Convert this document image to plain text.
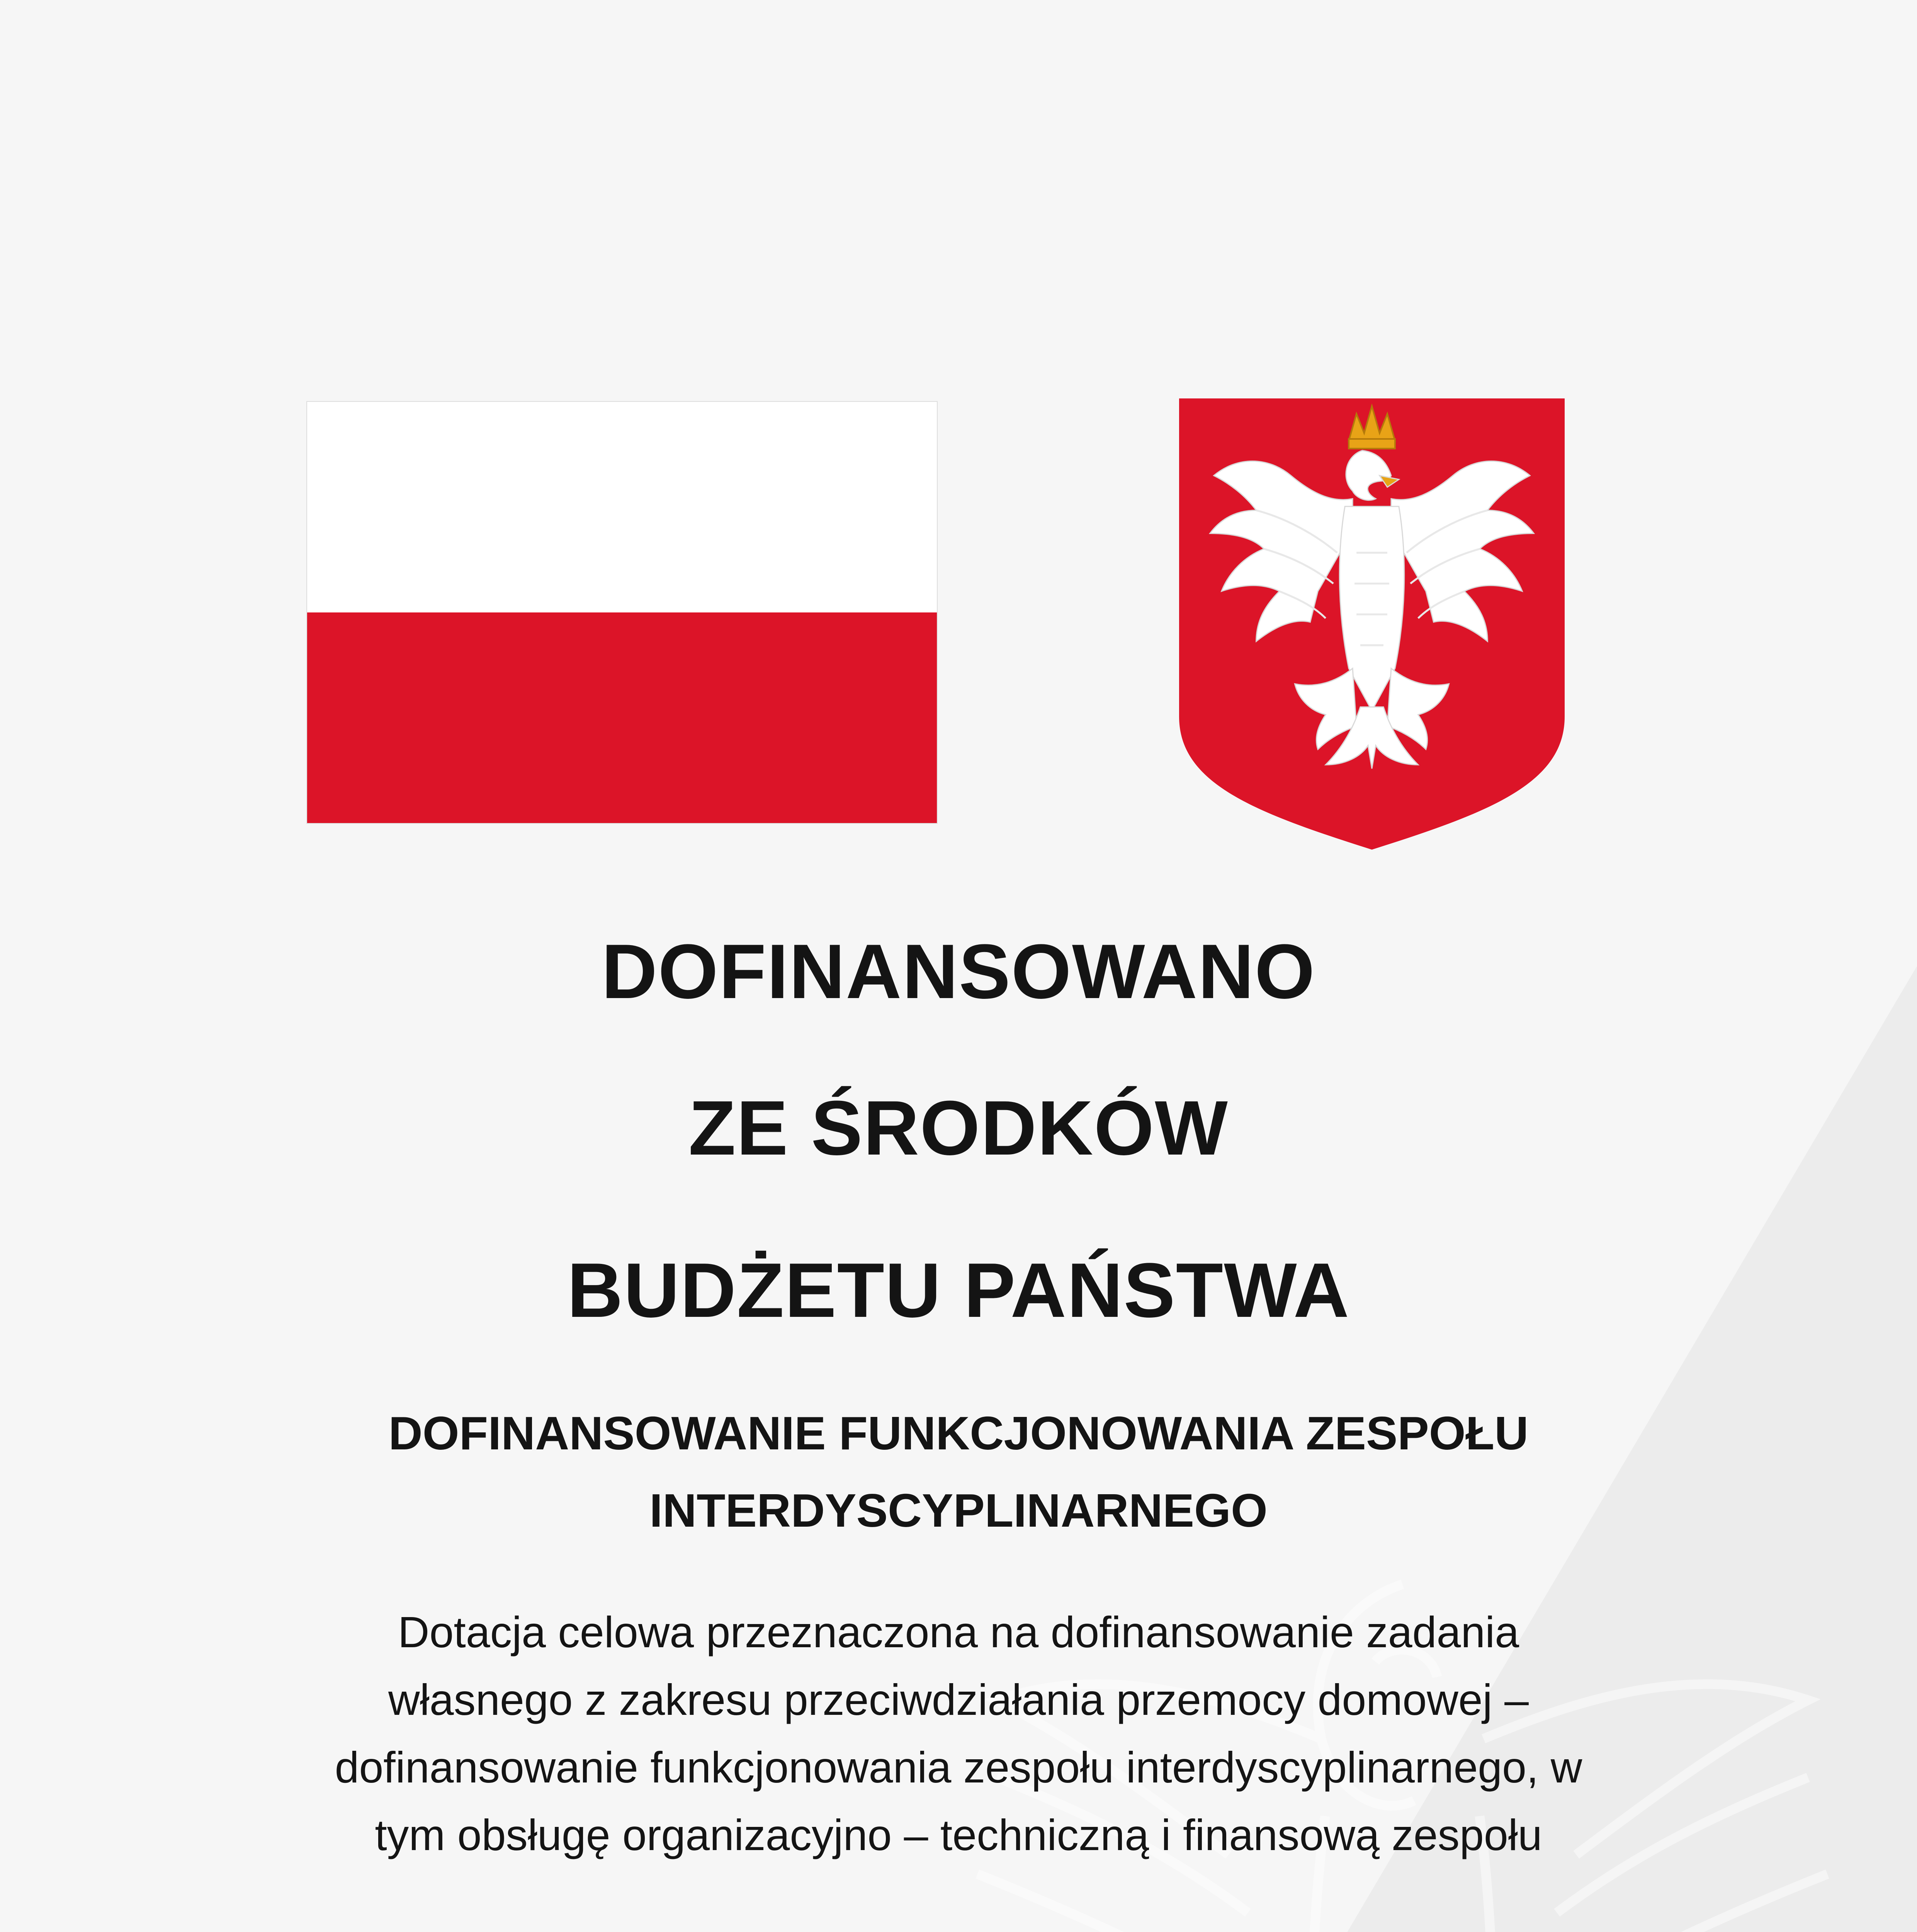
DOFINANSOWANO
ZE ŚRODKÓW
BUDŻETU PAŃSTWA
DOFINANSOWANIE FUNKCJONOWANIA ZESPOŁU
INTERDYSCYPLINARNEGO

Dotacja celowa przeznaczona na dofinansowanie zadania

własnego z zakresu przeciwdziałania przemocy domowej –

dofinansowanie funkcjonowania zespołu interdyscyplinarnego, w

tym obsługę organizacyjno – techniczną i finansową zespołu
